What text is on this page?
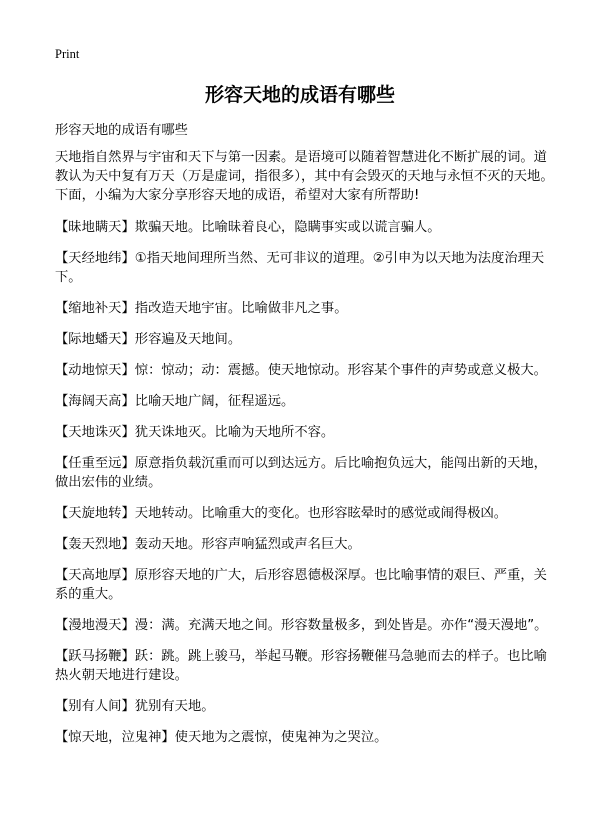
Print
形容天地的成语有哪些
形容天地的成语有哪些

天地指自然界与宇宙和天下与第一因素。是语境可以随着智慧进化不断扩展的词。道教认为天中复有万天（万是虚词，指很多），其中有会毁灭的天地与永恒不灭的天地。下面，小编为大家分享形容天地的成语，希望对大家有所帮助!

【昧地瞒天】欺骗天地。比喻昧着良心，隐瞒事实或以谎言骗人。

【天经地纬】①指天地间理所当然、无可非议的道理。②引申为以天地为法度治理天下。

【缩地补天】指改造天地宇宙。比喻做非凡之事。

【际地蟠天】形容遍及天地间。

【动地惊天】惊：惊动；动：震撼。使天地惊动。形容某个事件的声势或意义极大。

【海阔天高】比喻天地广阔，征程遥远。

【天地诛灭】犹天诛地灭。比喻为天地所不容。

【任重至远】原意指负载沉重而可以到达远方。后比喻抱负远大，能闯出新的天地，做出宏伟的业绩。

【天旋地转】天地转动。比喻重大的变化。也形容眩晕时的感觉或闹得极凶。

【轰天烈地】轰动天地。形容声响猛烈或声名巨大。

【天高地厚】原形容天地的广大，后形容恩德极深厚。也比喻事情的艰巨、严重，关系的重大。

【漫地漫天】漫：满。充满天地之间。形容数量极多，到处皆是。亦作“漫天漫地”。

【跃马扬鞭】跃：跳。跳上骏马，举起马鞭。形容扬鞭催马急驰而去的样子。也比喻热火朝天地进行建设。

【别有人间】犹别有天地。

【惊天地，泣鬼神】使天地为之震惊，使鬼神为之哭泣。
